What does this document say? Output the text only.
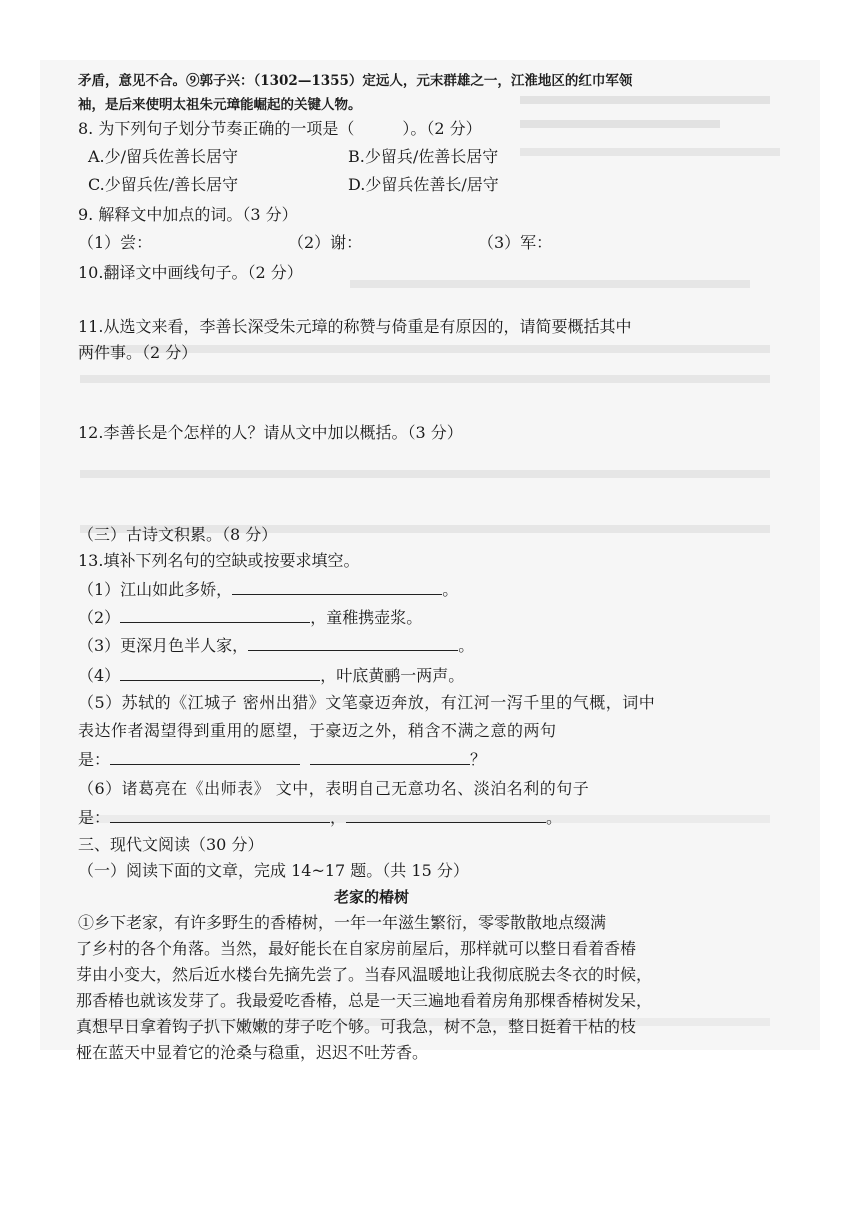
矛盾，意见不合。⑨郭子兴：（1302—1355）定远人，元末群雄之一，江淮地区的红巾军领
袖，是后来使明太祖朱元璋能崛起的关键人物。
8. 为下列句子划分节奏正确的一项是（　　　）。（2 分）
A.少/留兵佐善长居守	B.少留兵/佐善长居守
C.少留兵佐/善长居守	D.少留兵佐善长/居守
9. 解释文中加点的词。（3 分）
（1）尝：	（2）谢：	（3）军：
10.翻译文中画线句子。（2 分）
11.从选文来看，李善长深受朱元璋的称赞与倚重是有原因的，请简要概括其中
两件事。（2 分）
12.李善长是个怎样的人？请从文中加以概括。（3 分）
（三）古诗文积累。（8 分）
13.填补下列名句的空缺或按要求填空。
（1）江山如此多娇，	。
（2）	，童稚携壶浆。
（3）更深月色半人家，	。
（4）	，叶底黄鹂一两声。
（5）苏轼的《江城子 密州出猎》文笔豪迈奔放，有江河一泻千里的气概，词中
表达作者渴望得到重用的愿望，于豪迈之外，稍含不满之意的两句
是：	？
（6）诸葛亮在《出师表》 文中，表明自己无意功名、淡泊名利的句子
是：	，	。
三、现代文阅读（30 分）
（一）阅读下面的文章，完成 14~17 题。（共 15 分）
老家的椿树
①乡下老家，有许多野生的香椿树，一年一年滋生繁衍，零零散散地点缀满
了乡村的各个角落。当然，最好能长在自家房前屋后，那样就可以整日看着香椿
芽由小变大，然后近水楼台先摘先尝了。当春风温暖地让我彻底脱去冬衣的时候，
那香椿也就该发芽了。我最爱吃香椿，总是一天三遍地看着房角那棵香椿树发呆，
真想早日拿着钩子扒下嫩嫩的芽子吃个够。可我急，树不急，整日挺着干枯的枝
桠在蓝天中显着它的沧桑与稳重，迟迟不吐芳香。
